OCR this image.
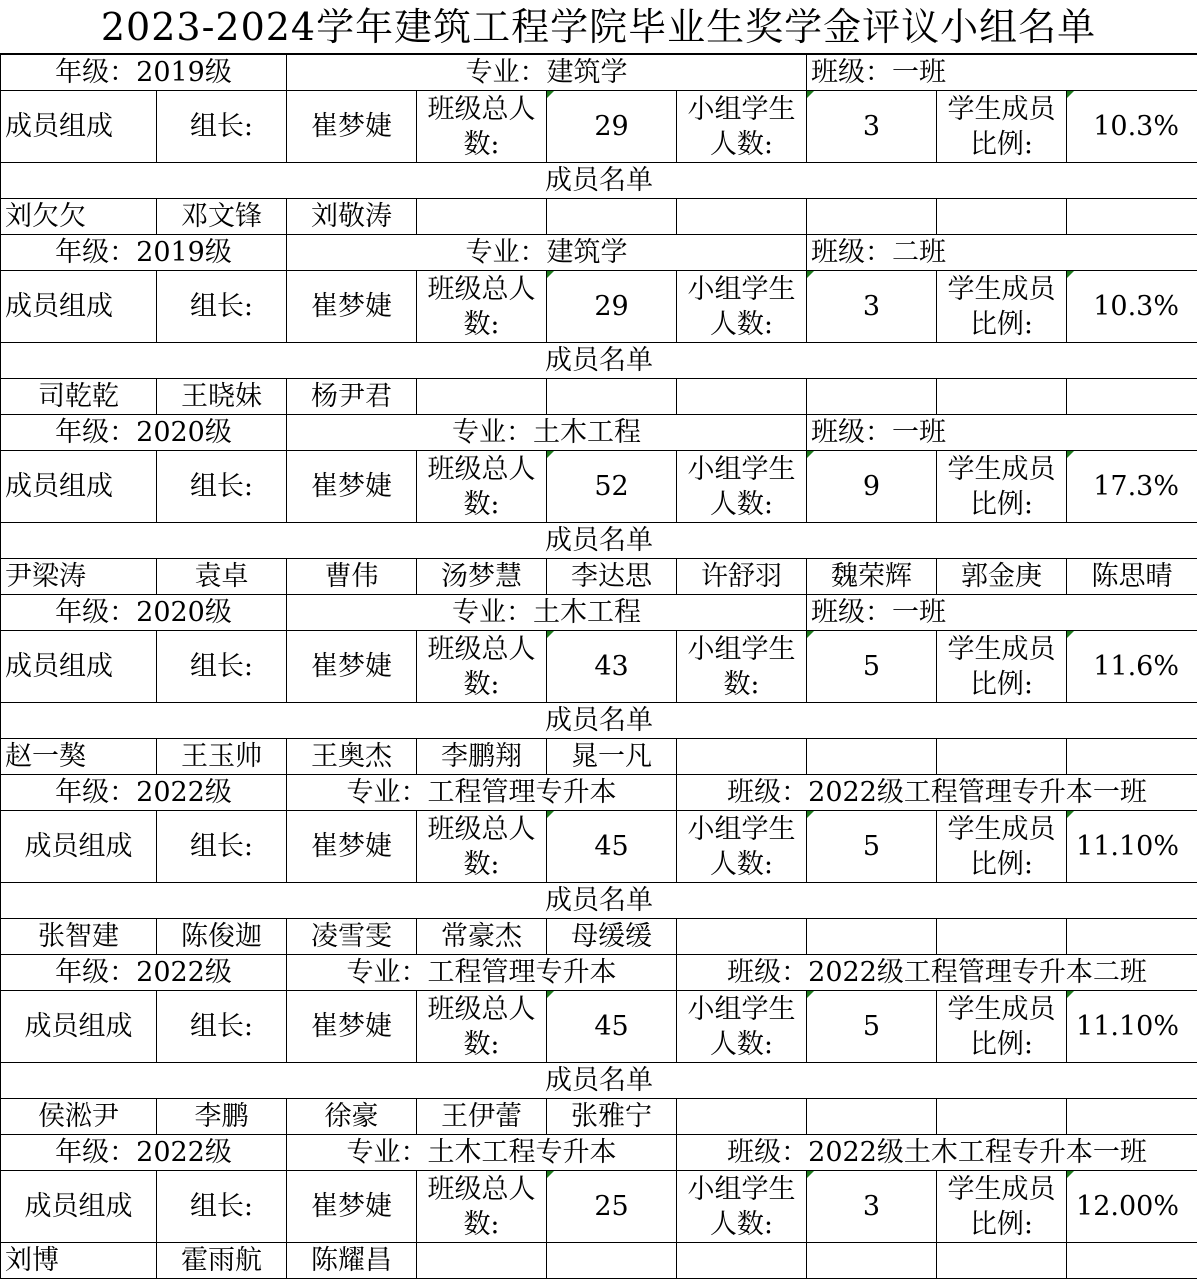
2023-2024学年建筑工程学院毕业生奖学金评议小组名单
年级：2019级		专业：建筑学				班级：一班		
成员组成	组长:	崔梦婕	班级总人数:	29	小组学生人数:	3	学生成员比例:	10.3%
成员名单								
刘欠欠	邓文锋	刘敬涛						
年级：2019级		专业：建筑学				班级：二班		
成员组成	组长:	崔梦婕	班级总人数:	29	小组学生人数:	3	学生成员比例:	10.3%
成员名单								
司乾乾	王晓妹	杨尹君						
年级：2020级		专业：土木工程				班级：一班		
成员组成	组长:	崔梦婕	班级总人数:	52	小组学生人数:	9	学生成员比例:	17.3%
成员名单								
尹梁涛	袁卓	曹伟	汤梦慧	李达思	许舒羽	魏荣辉	郭金庚	陈思晴
年级：2020级		专业：土木工程				班级：一班		
成员组成	组长:	崔梦婕	班级总人数:	43	小组学生数:	5	学生成员比例:	11.6%
成员名单								
赵一獒	王玉帅	王奥杰	李鹏翔	晁一凡				
年级：2022级		专业：工程管理专升本			班级：2022级工程管理专升本一班			
成员组成	组长:	崔梦婕	班级总人数:	45	小组学生人数:	5	学生成员比例:	11.10%
成员名单								
张智建	陈俊迦	凌雪雯	常豪杰	母缓缓				
年级：2022级		专业：工程管理专升本			班级：2022级工程管理专升本二班			
成员组成	组长:	崔梦婕	班级总人数:	45	小组学生人数:	5	学生成员比例:	11.10%
成员名单								
侯淞尹	李鹏	徐豪	王伊蕾	张雅宁				
年级：2022级		专业：土木工程专升本			班级：2022级土木工程专升本一班			
成员组成	组长:	崔梦婕	班级总人数:	25	小组学生人数:	3	学生成员比例:	12.00%
刘博	霍雨航	陈耀昌						
